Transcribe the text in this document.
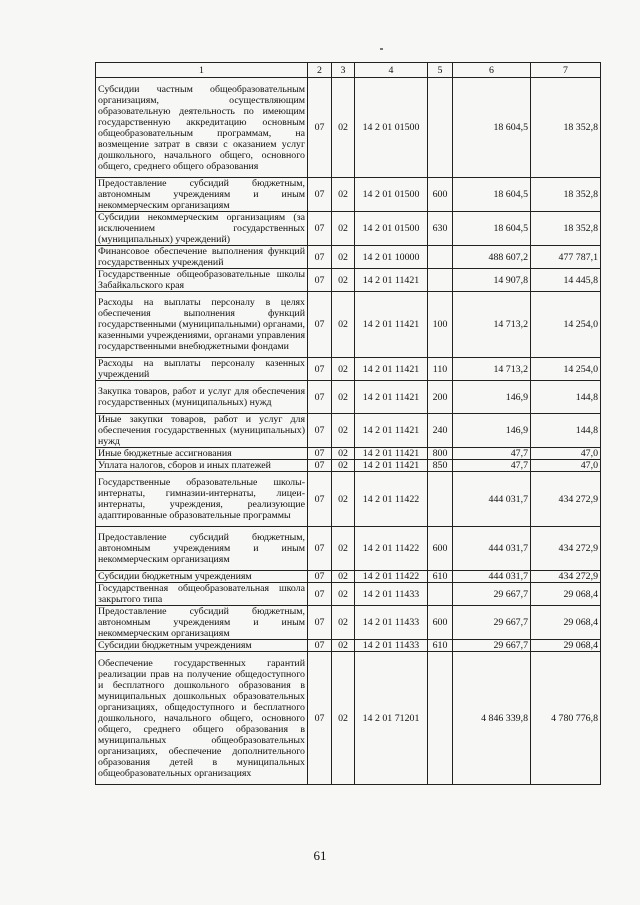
1	2	3	4	5	6	7
Субсидии частным общеобразовательным организациям, осуществляющим образовательную деятельность по имеющим государственную аккредитацию основным общеобразовательным программам, на возмещение затрат в связи с оказанием услуг дошкольного, начального общего, основного общего, среднего общего образования	07	02	14 2 01 01500		18 604,5	18 352,8
Предоставление субсидий бюджетным, автономным учреждениям и иным некоммерческим организациям	07	02	14 2 01 01500	600	18 604,5	18 352,8
Субсидии некоммерческим организациям (за исключением государственных (муниципальных) учреждений)	07	02	14 2 01 01500	630	18 604,5	18 352,8
Финансовое обеспечение выполнения функций государственных учреждений	07	02	14 2 01 10000		488 607,2	477 787,1
Государственные общеобразовательные школы Забайкальского края	07	02	14 2 01 11421		14 907,8	14 445,8
Расходы на выплаты персоналу в целях обеспечения выполнения функций государственными (муниципальными) органами, казенными учреждениями, органами управления государственными внебюджетными фондами	07	02	14 2 01 11421	100	14 713,2	14 254,0
Расходы на выплаты персоналу казенных учреждений	07	02	14 2 01 11421	110	14 713,2	14 254,0
Закупка товаров, работ и услуг для обеспечения государственных (муниципальных) нужд	07	02	14 2 01 11421	200	146,9	144,8
Иные закупки товаров, работ и услуг для обеспечения государственных (муниципальных) нужд	07	02	14 2 01 11421	240	146,9	144,8
Иные бюджетные ассигнования	07	02	14 2 01 11421	800	47,7	47,0
Уплата налогов, сборов и иных платежей	07	02	14 2 01 11421	850	47,7	47,0
Государственные образовательные школы-интернаты, гимназии-интернаты, лицеи-интернаты, учреждения, реализующие адаптированные образовательные программы	07	02	14 2 01 11422		444 031,7	434 272,9
Предоставление субсидий бюджетным, автономным учреждениям и иным некоммерческим организациям	07	02	14 2 01 11422	600	444 031,7	434 272,9
Субсидии бюджетным учреждениям	07	02	14 2 01 11422	610	444 031,7	434 272,9
Государственная общеобразовательная школа закрытого типа	07	02	14 2 01 11433		29 667,7	29 068,4
Предоставление субсидий бюджетным, автономным учреждениям и иным некоммерческим организациям	07	02	14 2 01 11433	600	29 667,7	29 068,4
Субсидии бюджетным учреждениям	07	02	14 2 01 11433	610	29 667,7	29 068,4
Обеспечение государственных гарантий реализации прав на получение общедоступного и бесплатного дошкольного образования в муниципальных дошкольных образовательных организациях, общедоступного и бесплатного дошкольного, начального общего, основного общего, среднего общего образования в муниципальных общеобразовательных организациях, обеспечение дополнительного образования детей в муниципальных общеобразовательных организациях	07	02	14 2 01 71201		4 846 339,8	4 780 776,8
61
